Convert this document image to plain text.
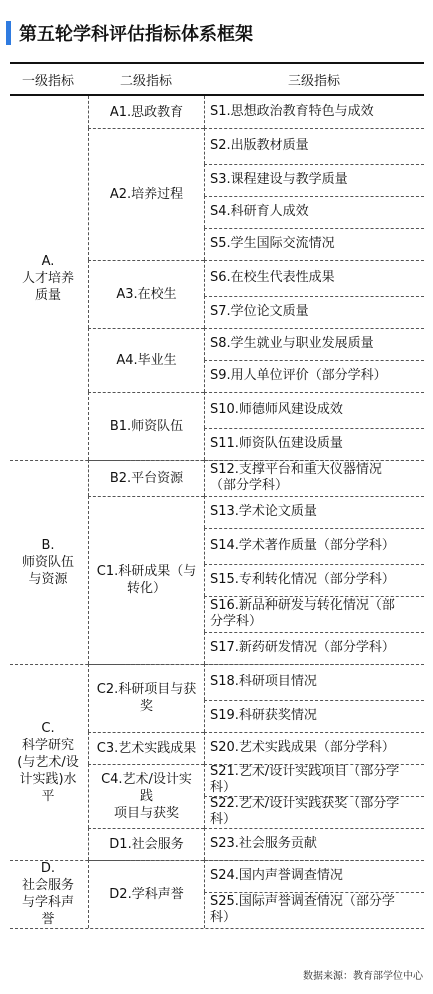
第五轮学科评估指标体系框架
一级指标	二级指标	三级指标
S1.思想政治教育特色与成效
S2.出版教材质量
S3.课程建设与教学质量
S4.科研育人成效
S5.学生国际交流情况
S6.在校生代表性成果
S7.学位论文质量
S8.学生就业与职业发展质量
S9.用人单位评价（部分学科）
S10.师德师风建设成效
S11.师资队伍建设质量
S12.支撑平台和重大仪器情况
（部分学科）
S13.学术论文质量
S14.学术著作质量（部分学科）
S15.专利转化情况（部分学科）
S16.新品种研发与转化情况（部
分学科）
S17.新药研发情况（部分学科）
S18.科研项目情况
S19.科研获奖情况
S20.艺术实践成果（部分学科）
S21.艺术/设计实践项目（部分学
科）
S22.艺术/设计实践获奖（部分学
科）
S23.社会服务贡献
S24.国内声誉调查情况
S25.国际声誉调查情况（部分学
科）
A1.思政教育
A2.培养过程
A3.在校生
A4.毕业生
B1.师资队伍
B2.平台资源
C1.科研成果（与
转化）
C2.科研项目与获
奖
C3.艺术实践成果
C4.艺术/设计实
践
项目与获奖
D1.社会服务
D2.学科声誉
A.
人才培养
质量
B.
师资队伍
与资源
C.
科学研究
(与艺术/设
计实践)水
平
D.
社会服务
与学科声
誉
数据来源：教育部学位中心
